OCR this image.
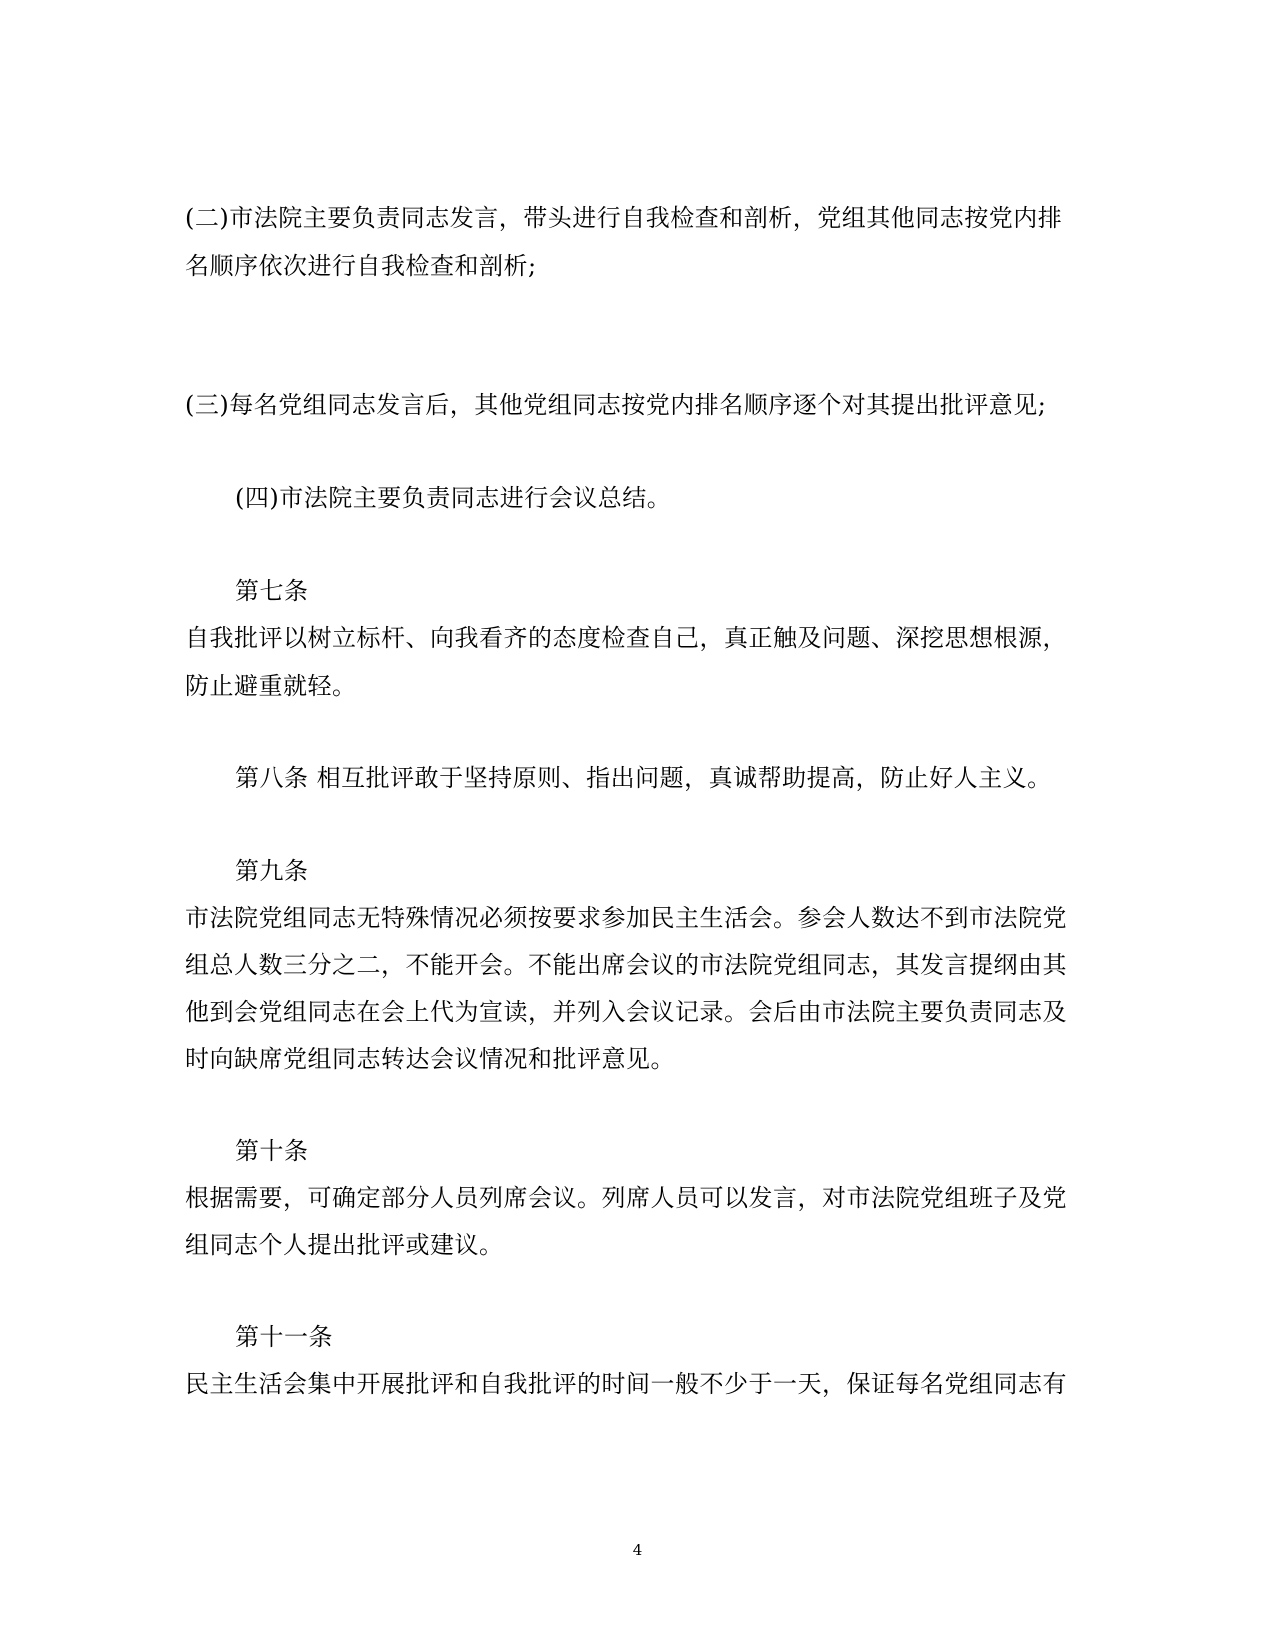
(二)市法院主要负责同志发言，带头进行自我检查和剖析，党组其他同志按党内排
名顺序依次进行自我检查和剖析;
(三)每名党组同志发言后，其他党组同志按党内排名顺序逐个对其提出批评意见;
(四)市法院主要负责同志进行会议总结。
第七条
自我批评以树立标杆、向我看齐的态度检查自己，真正触及问题、深挖思想根源，
防止避重就轻。
第八条 相互批评敢于坚持原则、指出问题，真诚帮助提高，防止好人主义。
第九条
市法院党组同志无特殊情况必须按要求参加民主生活会。参会人数达不到市法院党
组总人数三分之二，不能开会。不能出席会议的市法院党组同志，其发言提纲由其
他到会党组同志在会上代为宣读，并列入会议记录。会后由市法院主要负责同志及
时向缺席党组同志转达会议情况和批评意见。
第十条
根据需要，可确定部分人员列席会议。列席人员可以发言，对市法院党组班子及党
组同志个人提出批评或建议。
第十一条
民主生活会集中开展批评和自我批评的时间一般不少于一天，保证每名党组同志有
4
